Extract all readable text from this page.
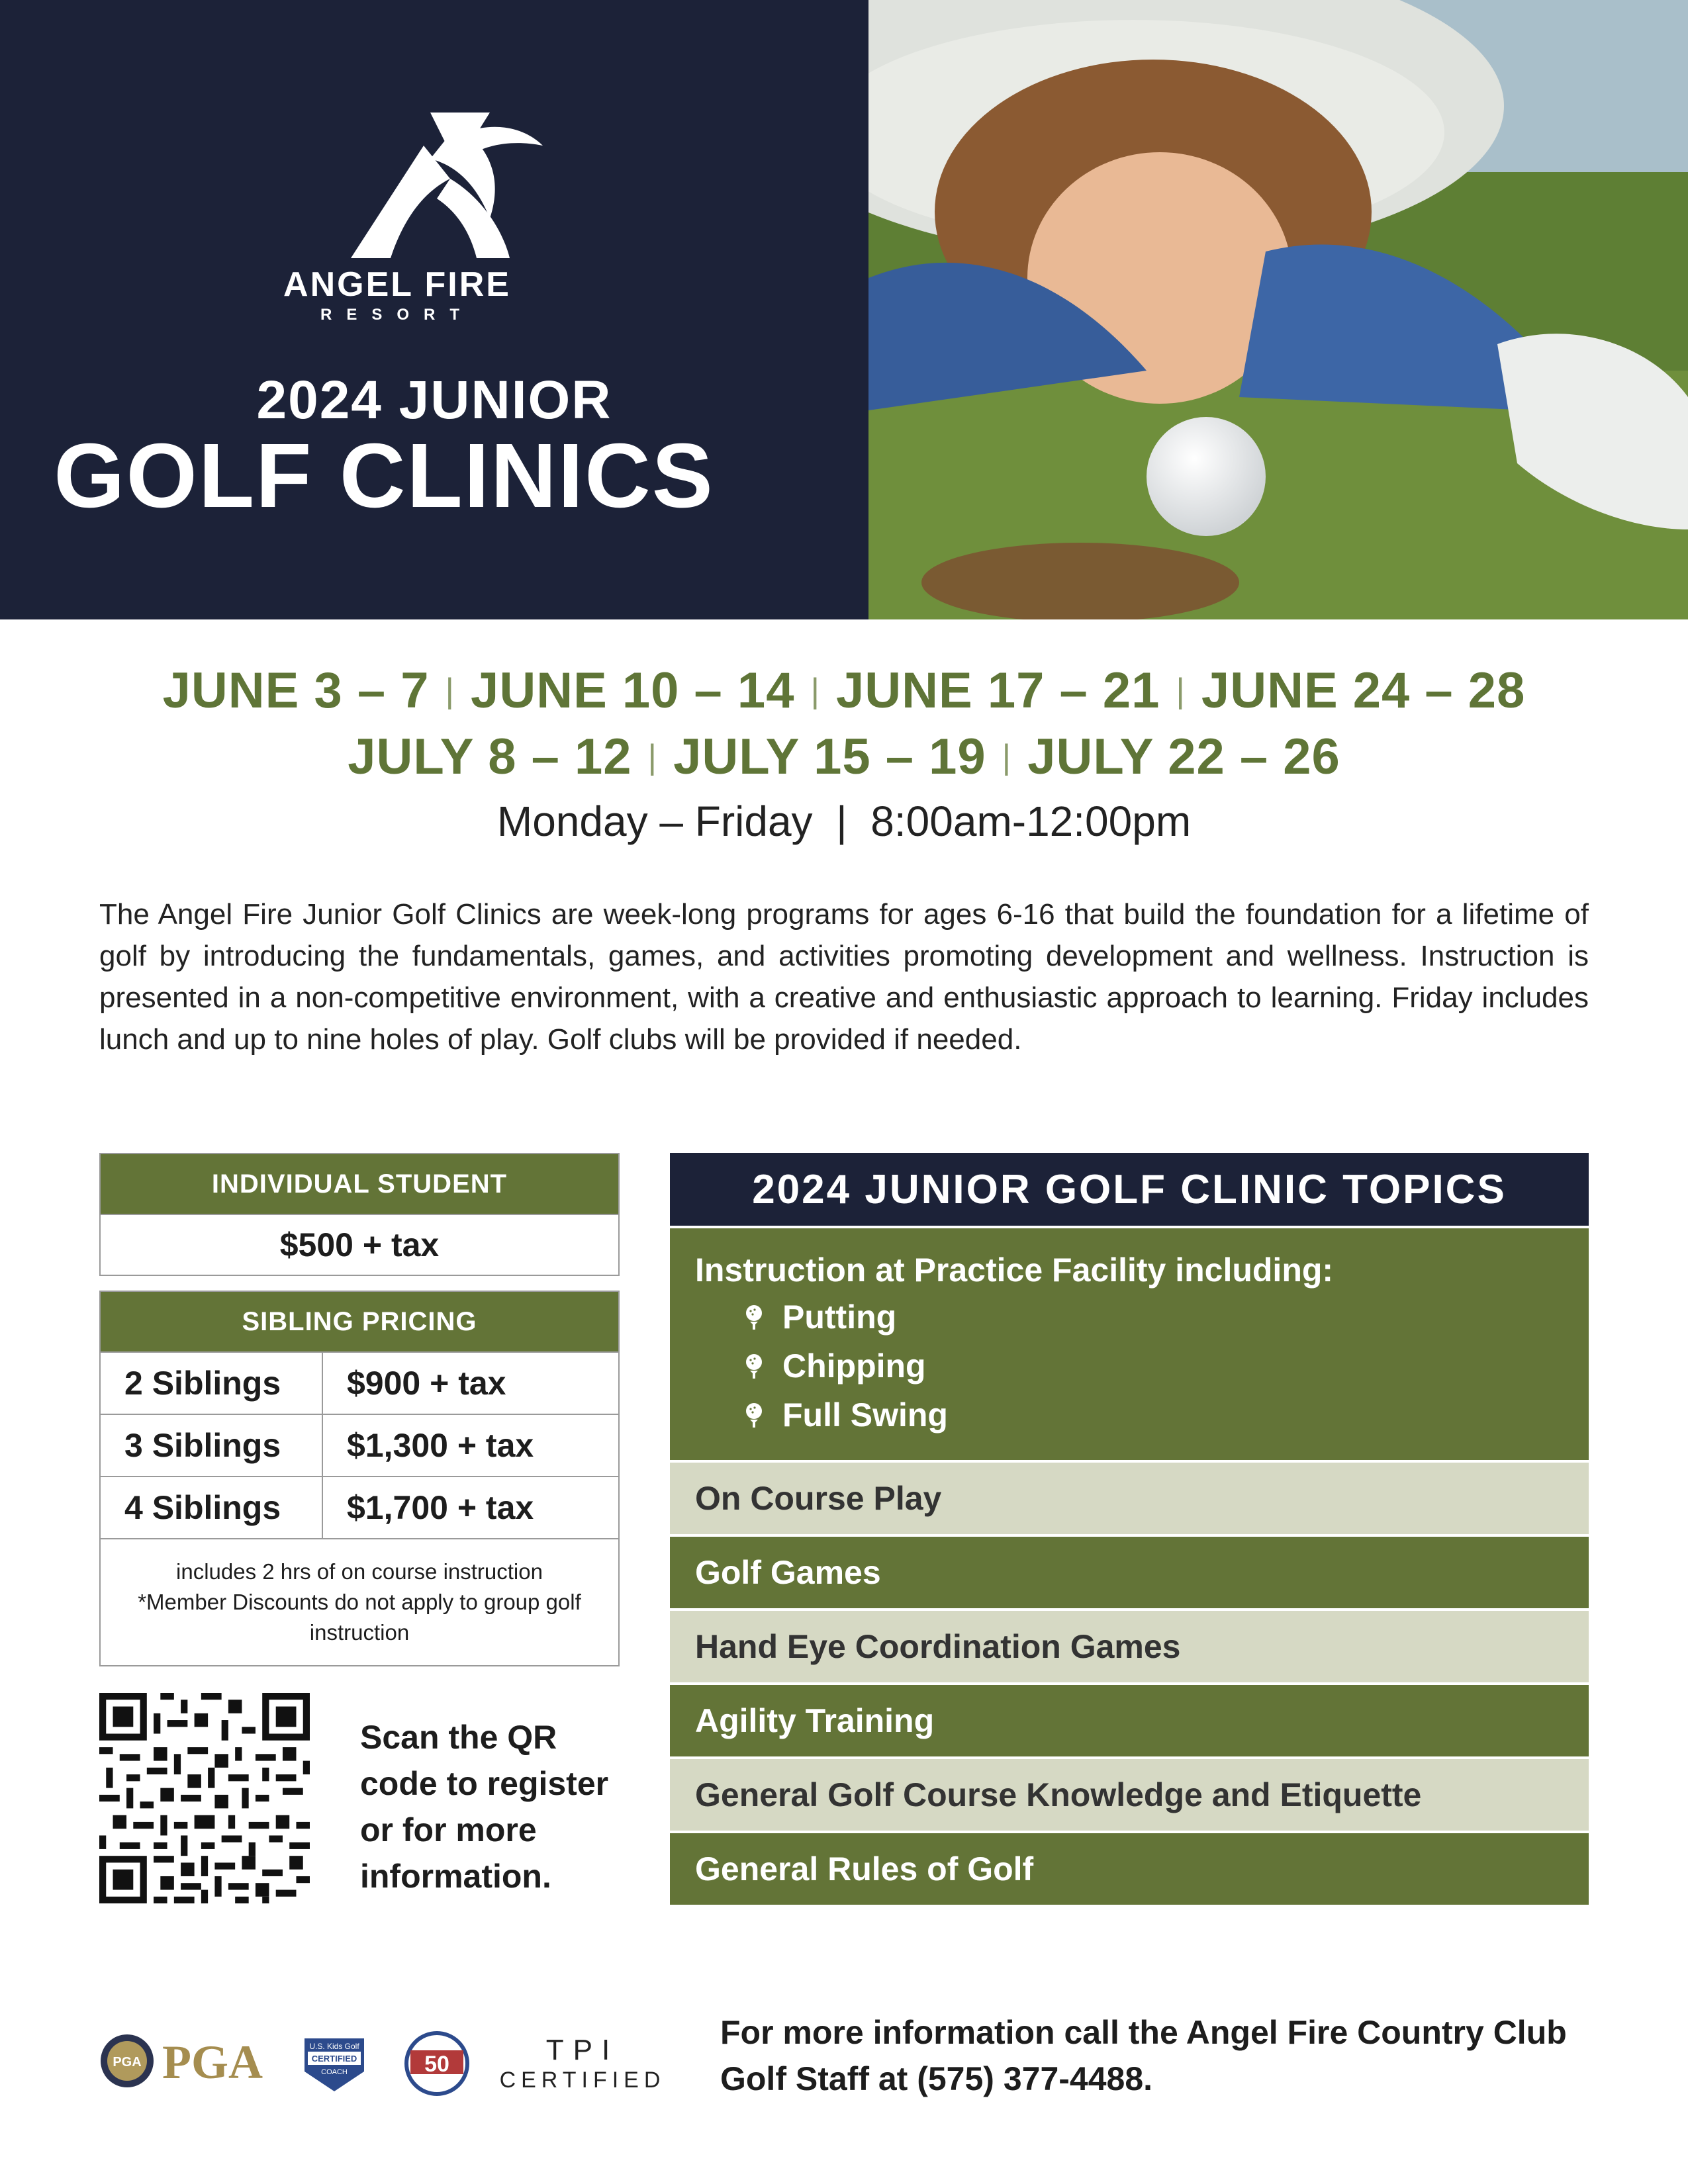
ANGEL FIRE
RESORT
2024 JUNIOR
GOLF CLINICS
JUNE 3 – 7 | JUNE 10 – 14 | JUNE 17 – 21 | JUNE 24 – 28
JULY 8 – 12 | JULY 15 – 19 | JULY 22 – 26
Monday – Friday  |  8:00am-12:00pm
The Angel Fire Junior Golf Clinics are week-long programs for ages 6-16 that build the foundation for a lifetime of golf by introducing the fundamentals, games, and activities promoting development and wellness. Instruction is presented in a non-competitive environment, with a creative and enthusiastic approach to learning. Friday includes lunch and up to nine holes of play. Golf clubs will be provided if needed.
INDIVIDUAL STUDENT
$500 + tax
SIBLING PRICING
2 Siblings	$900 + tax
3 Siblings	$1,300 + tax
4 Siblings	$1,700 + tax
includes 2 hrs of on course instruction
*Member Discounts do not apply to group golf instruction
Scan the QR code to register or for more information.
2024 JUNIOR GOLF CLINIC TOPICS
Instruction at Practice Facility including:
Putting
Chipping
Full Swing
On Course Play
Golf Games
Hand Eye Coordination Games
Agility Training
General Golf Course Knowledge and Etiquette
General Rules of Golf
PGA PGA	U.S. Kids Golf
CERTIFIED
COACH	50	TPI
CERTIFIED
For more information call the Angel Fire Country Club Golf Staff at (575) 377-4488.
